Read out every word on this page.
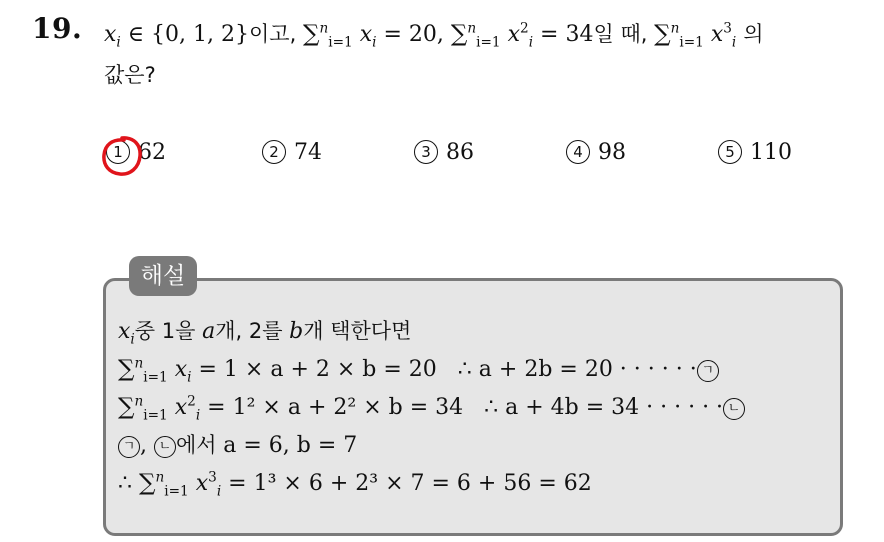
19. $x_i$ ∈ {0, 1, 2}이고, ∑$^n_{i=1}$ $x_i = 20$, ∑$^n_{i=1}$ $x^2_i = 34$일 때, ∑$^n_{i=1}$ $x^3_i$ 의
값은?
1 62	2 74	3 86	4 98	5 110
해설
$x_i$중 1을 a개, 2를 b개 택한다면
∑$^n_{i=1}$ $x_i = 1 \times a + 2 \times b = 20$ ∴ a + 2b = 20 · · · · · · ㄱ
∑$^n_{i=1}$ $x^2_i = 1^2 \times a + 2^2 \times b = 34$ ∴ a + 4b = 34 · · · · · · ㄴ
ㄱ , ㄴ 에서 a = 6, b = 7
∴ ∑$^n_{i=1}$ $x^3_i = 1^3 \times 6 + 2^3 \times 7 = 6 + 56 = 62$
